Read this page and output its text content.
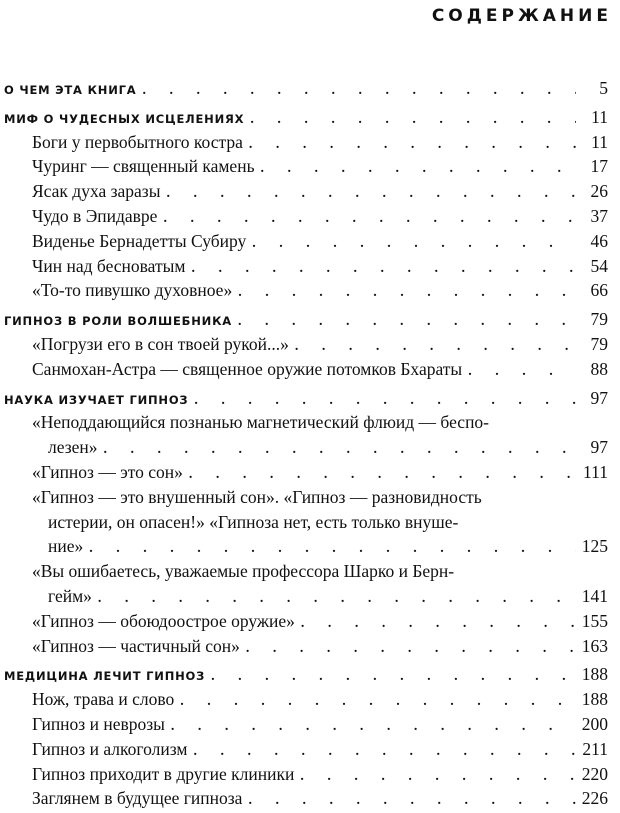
СОДЕРЖАНИЕ
О ЧЕМ ЭТА КНИГА . . .	5
МИФ О ЧУДЕСНЫХ ИСЦЕЛЕНИЯХ . . .	11
Боги у первобытного костра . . .	11
Чуринг — священный камень . . .	17
Ясак духа заразы . . .	26
Чудо в Эпидавре . . .	37
Виденье Бернадетты Субиру . . .	46
Чин над бесноватым . . .	54
«То-то пивушко духовное» . . .	66
ГИПНОЗ В РОЛИ ВОЛШЕБНИКА . . .	79
«Погрузи его в сон твоей рукой...» . . .	79
Санмохан-Астра — священное оружие потомков Бхараты . . .	88
НАУКА ИЗУЧАЕТ ГИПНОЗ . . .	97
«Неподдающийся познанью магнетический флюид — беспо-
лезен» . . .	97
«Гипноз — это сон» . . .	111
«Гипноз — это внушенный сон». «Гипноз — разновидность
истерии, он опасен!» «Гипноза нет, есть только внуше-
ние» . . .	125
«Вы ошибаетесь, уважаемые профессора Шарко и Берн-
гейм» . . .	141
«Гипноз — обоюдоострое оружие» . . .	155
«Гипноз — частичный сон» . . .	163
МЕДИЦИНА ЛЕЧИТ ГИПНОЗ . . .	188
Нож, трава и слово . . .	188
Гипноз и неврозы . . .	200
Гипноз и алкоголизм . . .	211
Гипноз приходит в другие клиники . . .	220
Заглянем в будущее гипноза . . .	226
